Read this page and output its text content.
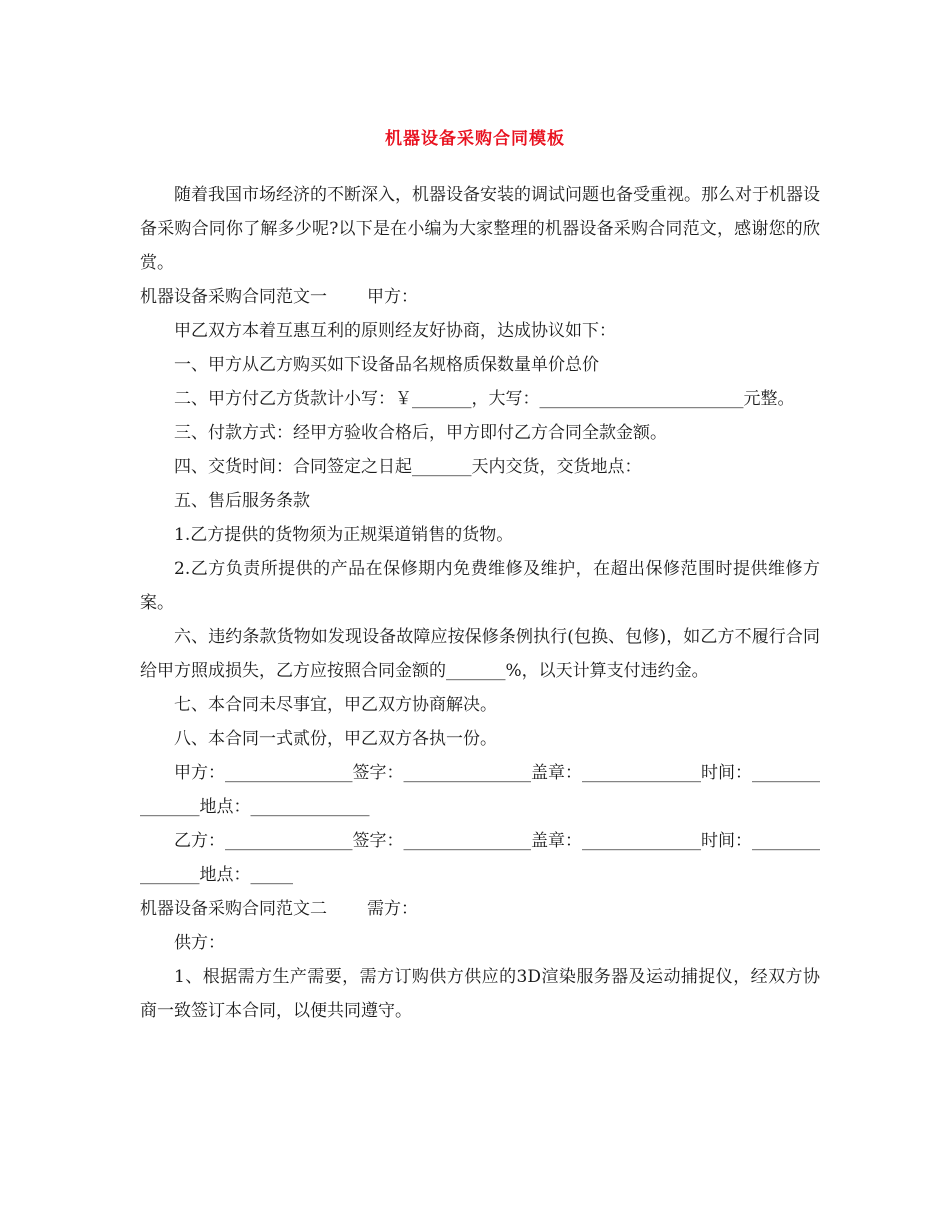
机器设备采购合同模板

随着我国市场经济的不断深入，机器设备安装的调试问题也备受重视。那么对于机器设备采购合同你了解多少呢?以下是在小编为大家整理的机器设备采购合同范文，感谢您的欣赏。

机器设备采购合同范文一 甲方：

甲乙双方本着互惠互利的原则经友好协商，达成协议如下：

一、甲方从乙方购买如下设备品名规格质保数量单价总价

二、甲方付乙方货款计小写：￥_______，大写：________________________元整。

三、付款方式：经甲方验收合格后，甲方即付乙方合同全款金额。

四、交货时间：合同签定之日起_______天内交货，交货地点：

五、售后服务条款

1.乙方提供的货物须为正规渠道销售的货物。

2.乙方负责所提供的产品在保修期内免费维修及维护，在超出保修范围时提供维修方案。

六、违约条款货物如发现设备故障应按保修条例执行(包换、包修)，如乙方不履行合同给甲方照成损失，乙方应按照合同金额的_______%，以天计算支付违约金。

七、本合同未尽事宜，甲乙双方协商解决。

八、本合同一式贰份，甲乙双方各执一份。

甲方：_______________签字：_______________盖章：______________时间：_______________地点：______________

乙方：_______________签字：_______________盖章：______________时间：_______________地点：_____

机器设备采购合同范文二 需方：

供方：

1、根据需方生产需要，需方订购供方供应的3D渲染服务器及运动捕捉仪，经双方协商一致签订本合同，以便共同遵守。
